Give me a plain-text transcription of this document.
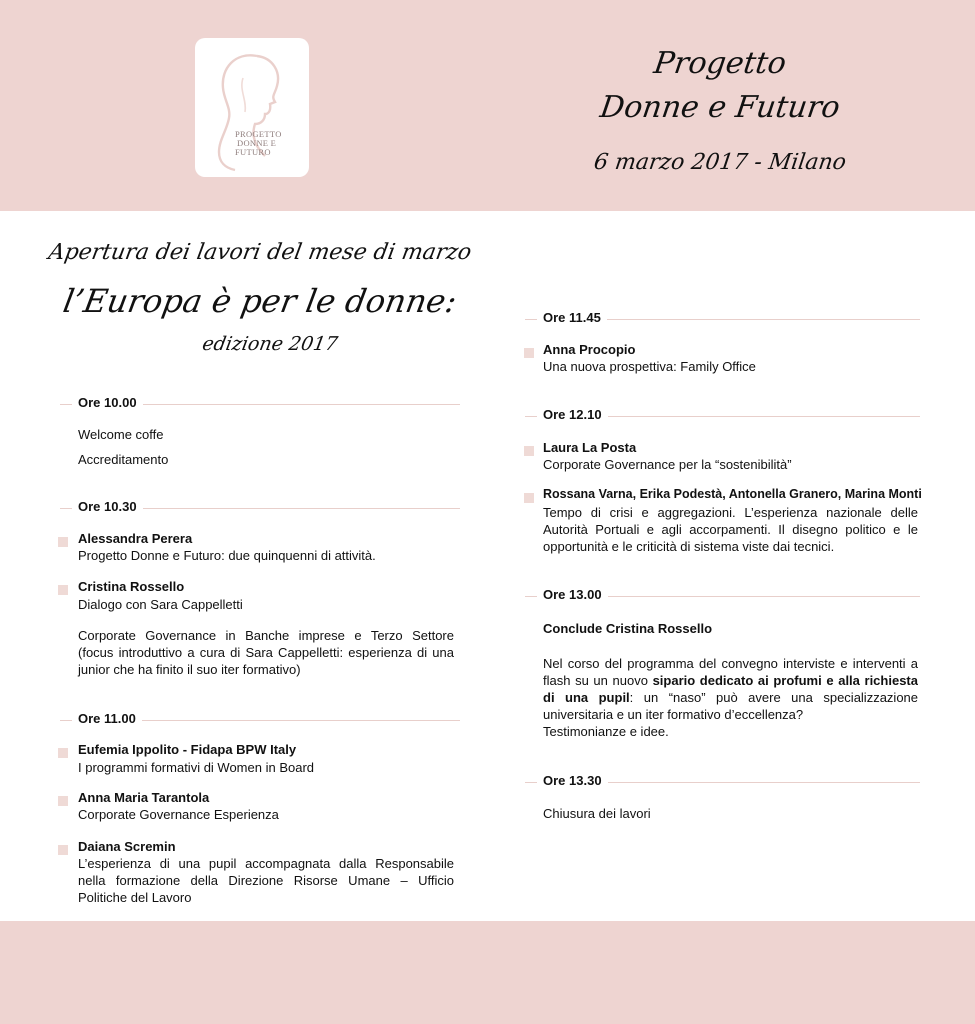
PROGETTO
DONNE E
FUTURO
Progetto
Donne e Futuro
6 marzo 2017 - Milano
Apertura dei lavori del mese di marzo
l’Europa è per le donne:
edizione 2017
Ore 10.00
Welcome coffe
Accreditamento
Ore 10.30
Alessandra Perera
Progetto Donne e Futuro: due quinquenni di attività.
Cristina Rossello
Dialogo con Sara Cappelletti
Corporate Governance in Banche imprese e Terzo Settore
(focus introduttivo a cura di Sara Cappelletti: esperienza di una
junior che ha finito il suo iter formativo)
Ore 11.00
Eufemia Ippolito - Fidapa BPW Italy
I programmi formativi di Women in Board
Anna Maria Tarantola
Corporate Governance Esperienza
Daiana Scremin
L’esperienza di una pupil accompagnata dalla Responsabile
nella formazione della Direzione Risorse Umane – Ufficio
Politiche del Lavoro
Ore 11.45
Anna Procopio
Una nuova prospettiva: Family Office
Ore 12.10
Laura La Posta
Corporate Governance per la “sostenibilità”
Rossana Varna, Erika Podestà, Antonella Granero, Marina Monti
Tempo di crisi e aggregazioni. L’esperienza nazionale delle
Autorità Portuali e agli accorpamenti. Il disegno politico e le
opportunità e le criticità di sistema viste dai tecnici.
Ore 13.00
Conclude Cristina Rossello
Nel corso del programma del convegno interviste e interventi a
flash su un nuovo sipario dedicato ai profumi e alla richiesta
di una pupil: un “naso” può avere una specializzazione
universitaria e un iter formativo d’eccellenza?
Testimonianze e idee.
Ore 13.30
Chiusura dei lavori
